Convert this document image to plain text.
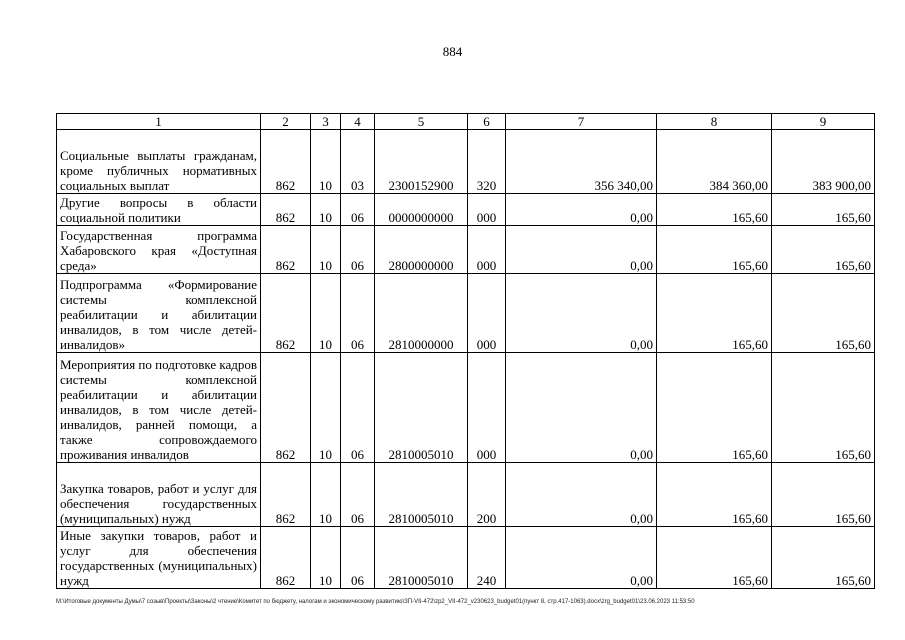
884
1	2	3	4	5	6	7	8	9
Социальные выплаты гражданам, кроме публичных нормативных социальных выплат	862	10	03	2300152900	320	356 340,00	384 360,00	383 900,00
Другие вопросы в области социальной политики	862	10	06	0000000000	000	0,00	165,60	165,60
Государственная программа Хабаровского края «Доступная среда»	862	10	06	2800000000	000	0,00	165,60	165,60
Подпрограмма «Формирование системы комплексной реабилитации и абилитации инвалидов, в том числе детей-инвалидов»	862	10	06	2810000000	000	0,00	165,60	165,60
Мероприятия по подготовке кадров системы комплексной реабилитации и абилитации инвалидов, в том числе детей-инвалидов, ранней помощи, а также сопровождаемого проживания инвалидов	862	10	06	2810005010	000	0,00	165,60	165,60
Закупка товаров, работ и услуг для обеспечения государственных (муниципальных) нужд	862	10	06	2810005010	200	0,00	165,60	165,60
Иные закупки товаров, работ и услуг для обеспечения государственных (муниципальных) нужд	862	10	06	2810005010	240	0,00	165,60	165,60
М:\Итоговые документы Думы\7 созыв\Проекты\Законы\2 чтение\Комитет по бюджету, налогам и экономическому развитию\ЗП-VII-472\zp2_VII-472_v230623_budget01(пункт 8, стр.417-1063).docx\zrg_budget01\23.06.2023 11:53:50
